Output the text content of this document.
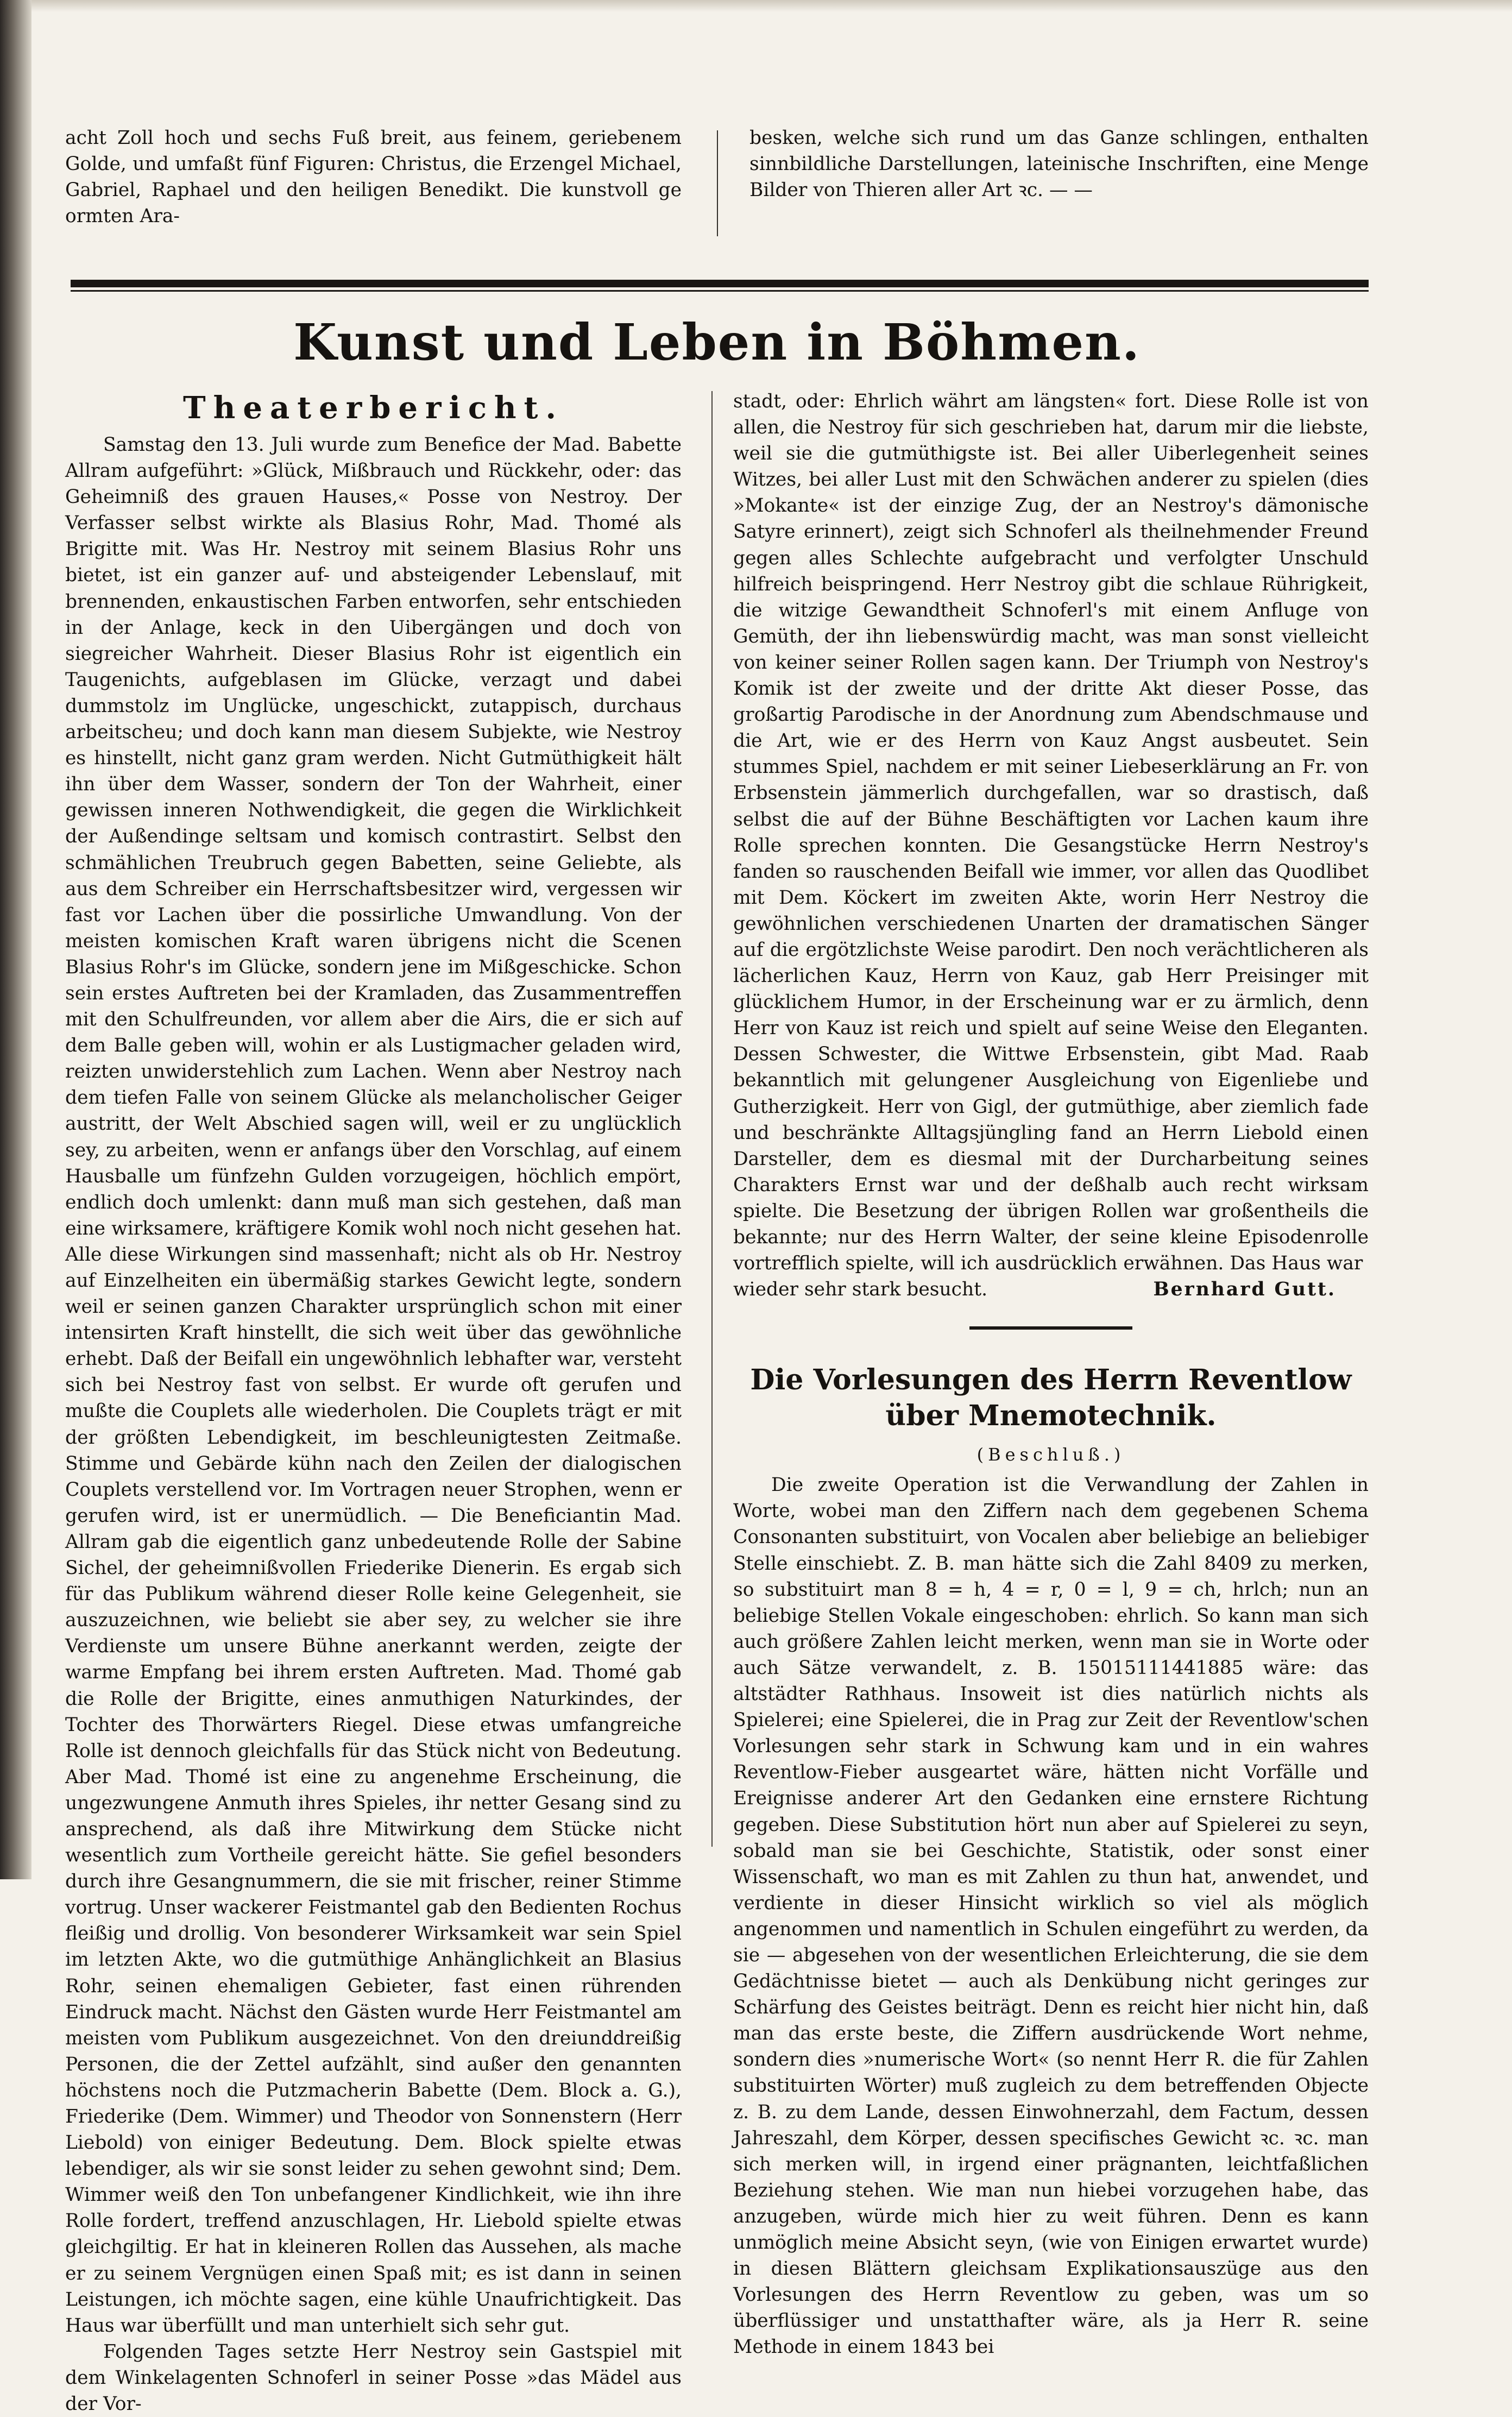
acht Zoll hoch und sechs Fuß breit, aus feinem, geriebenem Golde, und umfaßt fünf Figuren: Christus, die Erzengel Michael, Gabriel, Raphael und den heiligen Benedikt. Die kunstvoll ge ormten Ara-

besken, welche sich rund um das Ganze schlingen, enthalten sinnbildliche Darstellungen, lateinische Inschriften, eine Menge Bilder von Thieren aller Art ꝛc. — —

Kunst und Leben in Böhmen.
Theaterbericht.

Samstag den 13. Juli wurde zum Benefice der Mad. Babette Allram aufgeführt: »Glück, Mißbrauch und Rückkehr, oder: das Geheimniß des grauen Hauses,« Posse von Nestroy. Der Verfasser selbst wirkte als Blasius Rohr, Mad. Thomé als Brigitte mit. Was Hr. Nestroy mit seinem Blasius Rohr uns bietet, ist ein ganzer auf- und absteigender Lebenslauf, mit brennenden, enkaustischen Farben entworfen, sehr entschieden in der Anlage, keck in den Uibergängen und doch von siegreicher Wahrheit. Dieser Blasius Rohr ist eigentlich ein Taugenichts, aufgeblasen im Glücke, verzagt und dabei dummstolz im Unglücke, ungeschickt, zutappisch, durchaus arbeitscheu; und doch kann man diesem Subjekte, wie Nestroy es hinstellt, nicht ganz gram werden. Nicht Gutmüthigkeit hält ihn über dem Wasser, sondern der Ton der Wahrheit, einer gewissen inneren Nothwendigkeit, die gegen die Wirklichkeit der Außendinge seltsam und komisch contrastirt. Selbst den schmählichen Treubruch gegen Babetten, seine Geliebte, als aus dem Schreiber ein Herrschaftsbesitzer wird, vergessen wir fast vor Lachen über die possirliche Umwandlung. Von der meisten komischen Kraft waren übrigens nicht die Scenen Blasius Rohr's im Glücke, sondern jene im Mißgeschicke. Schon sein erstes Auftreten bei der Kramladen, das Zusammentreffen mit den Schulfreunden, vor allem aber die Airs, die er sich auf dem Balle geben will, wohin er als Lustigmacher geladen wird, reizten unwiderstehlich zum Lachen. Wenn aber Nestroy nach dem tiefen Falle von seinem Glücke als melancholischer Geiger austritt, der Welt Abschied sagen will, weil er zu unglücklich sey, zu arbeiten, wenn er anfangs über den Vorschlag, auf einem Hausballe um fünfzehn Gulden vorzugeigen, höchlich empört, endlich doch umlenkt: dann muß man sich gestehen, daß man eine wirksamere, kräftigere Komik wohl noch nicht gesehen hat. Alle diese Wirkungen sind massenhaft; nicht als ob Hr. Nestroy auf Einzelheiten ein übermäßig starkes Gewicht legte, sondern weil er seinen ganzen Charakter ursprünglich schon mit einer intensirten Kraft hinstellt, die sich weit über das gewöhnliche erhebt. Daß der Beifall ein ungewöhnlich lebhafter war, versteht sich bei Nestroy fast von selbst. Er wurde oft gerufen und mußte die Couplets alle wiederholen. Die Couplets trägt er mit der größten Lebendigkeit, im beschleunigtesten Zeitmaße. Stimme und Gebärde kühn nach den Zeilen der dialogischen Couplets verstellend vor. Im Vortragen neuer Strophen, wenn er gerufen wird, ist er unermüdlich. — Die Beneficiantin Mad. Allram gab die eigentlich ganz unbedeutende Rolle der Sabine Sichel, der geheimnißvollen Friederike Dienerin. Es ergab sich für das Publikum während dieser Rolle keine Gelegenheit, sie auszuzeichnen, wie beliebt sie aber sey, zu welcher sie ihre Verdienste um unsere Bühne anerkannt werden, zeigte der warme Empfang bei ihrem ersten Auftreten. Mad. Thomé gab die Rolle der Brigitte, eines anmuthigen Naturkindes, der Tochter des Thorwärters Riegel. Diese etwas umfangreiche Rolle ist dennoch gleichfalls für das Stück nicht von Bedeutung. Aber Mad. Thomé ist eine zu angenehme Erscheinung, die ungezwungene Anmuth ihres Spieles, ihr netter Gesang sind zu ansprechend, als daß ihre Mitwirkung dem Stücke nicht wesentlich zum Vortheile gereicht hätte. Sie gefiel besonders durch ihre Gesangnummern, die sie mit frischer, reiner Stimme vortrug. Unser wackerer Feistmantel gab den Bedienten Rochus fleißig und drollig. Von besonderer Wirksamkeit war sein Spiel im letzten Akte, wo die gutmüthige Anhänglichkeit an Blasius Rohr, seinen ehemaligen Gebieter, fast einen rührenden Eindruck macht. Nächst den Gästen wurde Herr Feistmantel am meisten vom Publikum ausgezeichnet. Von den dreiunddreißig Personen, die der Zettel aufzählt, sind außer den genannten höchstens noch die Putzmacherin Babette (Dem. Block a. G.), Friederike (Dem. Wimmer) und Theodor von Sonnenstern (Herr Liebold) von einiger Bedeutung. Dem. Block spielte etwas lebendiger, als wir sie sonst leider zu sehen gewohnt sind; Dem. Wimmer weiß den Ton unbefangener Kindlichkeit, wie ihn ihre Rolle fordert, treffend anzuschlagen, Hr. Liebold spielte etwas gleichgiltig. Er hat in kleineren Rollen das Aussehen, als mache er zu seinem Vergnügen einen Spaß mit; es ist dann in seinen Leistungen, ich möchte sagen, eine kühle Unaufrichtigkeit. Das Haus war überfüllt und man unterhielt sich sehr gut.

Folgenden Tages setzte Herr Nestroy sein Gastspiel mit dem Winkelagenten Schnoferl in seiner Posse »das Mädel aus der Vor-

stadt, oder: Ehrlich währt am längsten« fort. Diese Rolle ist von allen, die Nestroy für sich geschrieben hat, darum mir die liebste, weil sie die gutmüthigste ist. Bei aller Uiberlegenheit seines Witzes, bei aller Lust mit den Schwächen anderer zu spielen (dies »Mokante« ist der einzige Zug, der an Nestroy's dämonische Satyre erinnert), zeigt sich Schnoferl als theilnehmender Freund gegen alles Schlechte aufgebracht und verfolgter Unschuld hilfreich beispringend. Herr Nestroy gibt die schlaue Rührigkeit, die witzige Gewandtheit Schnoferl's mit einem Anfluge von Gemüth, der ihn liebenswürdig macht, was man sonst vielleicht von keiner seiner Rollen sagen kann. Der Triumph von Nestroy's Komik ist der zweite und der dritte Akt dieser Posse, das großartig Parodische in der Anordnung zum Abendschmause und die Art, wie er des Herrn von Kauz Angst ausbeutet. Sein stummes Spiel, nachdem er mit seiner Liebeserklärung an Fr. von Erbsenstein jämmerlich durchgefallen, war so drastisch, daß selbst die auf der Bühne Beschäftigten vor Lachen kaum ihre Rolle sprechen konnten. Die Gesangstücke Herrn Nestroy's fanden so rauschenden Beifall wie immer, vor allen das Quodlibet mit Dem. Köckert im zweiten Akte, worin Herr Nestroy die gewöhnlichen verschiedenen Unarten der dramatischen Sänger auf die ergötzlichste Weise parodirt. Den noch verächtlicheren als lächerlichen Kauz, Herrn von Kauz, gab Herr Preisinger mit glücklichem Humor, in der Erscheinung war er zu ärmlich, denn Herr von Kauz ist reich und spielt auf seine Weise den Eleganten. Dessen Schwester, die Wittwe Erbsenstein, gibt Mad. Raab bekanntlich mit gelungener Ausgleichung von Eigenliebe und Gutherzigkeit. Herr von Gigl, der gutmüthige, aber ziemlich fade und beschränkte Alltagsjüngling fand an Herrn Liebold einen Darsteller, dem es diesmal mit der Durcharbeitung seines Charakters Ernst war und der deßhalb auch recht wirksam spielte. Die Besetzung der übrigen Rollen war großentheils die bekannte; nur des Herrn Walter, der seine kleine Episodenrolle vortrefflich spielte, will ich ausdrücklich erwähnen. Das Haus war

wieder sehr stark besucht.	Bernhard Gutt.
Die Vorlesungen des Herrn Reventlow über Mnemotechnik.
(Beschluß.)

Die zweite Operation ist die Verwandlung der Zahlen in Worte, wobei man den Ziffern nach dem gegebenen Schema Consonanten substituirt, von Vocalen aber beliebige an beliebiger Stelle einschiebt. Z. B. man hätte sich die Zahl 8409 zu merken, so substituirt man 8 = h, 4 = r, 0 = l, 9 = ch, hrlch; nun an beliebige Stellen Vokale eingeschoben: ehrlich. So kann man sich auch größere Zahlen leicht merken, wenn man sie in Worte oder auch Sätze verwandelt, z. B. 15015111441885 wäre: das altstädter Rathhaus. Insoweit ist dies natürlich nichts als Spielerei; eine Spielerei, die in Prag zur Zeit der Reventlow'schen Vorlesungen sehr stark in Schwung kam und in ein wahres Reventlow-Fieber ausgeartet wäre, hätten nicht Vorfälle und Ereignisse anderer Art den Gedanken eine ernstere Richtung gegeben. Diese Substitution hört nun aber auf Spielerei zu seyn, sobald man sie bei Geschichte, Statistik, oder sonst einer Wissenschaft, wo man es mit Zahlen zu thun hat, anwendet, und verdiente in dieser Hinsicht wirklich so viel als möglich angenommen und namentlich in Schulen eingeführt zu werden, da sie — abgesehen von der wesentlichen Erleichterung, die sie dem Gedächtnisse bietet — auch als Denkübung nicht geringes zur Schärfung des Geistes beiträgt. Denn es reicht hier nicht hin, daß man das erste beste, die Ziffern ausdrückende Wort nehme, sondern dies »numerische Wort« (so nennt Herr R. die für Zahlen substituirten Wörter) muß zugleich zu dem betreffenden Objecte z. B. zu dem Lande, dessen Einwohnerzahl, dem Factum, dessen Jahreszahl, dem Körper, dessen specifisches Gewicht ꝛc. ꝛc. man sich merken will, in irgend einer prägnanten, leichtfaßlichen Beziehung stehen. Wie man nun hiebei vorzugehen habe, das anzugeben, würde mich hier zu weit führen. Denn es kann unmöglich meine Absicht seyn, (wie von Einigen erwartet wurde) in diesen Blättern gleichsam Explikationsauszüge aus den Vorlesungen des Herrn Reventlow zu geben, was um so überflüssiger und unstatthafter wäre, als ja Herr R. seine Methode in einem 1843 bei
